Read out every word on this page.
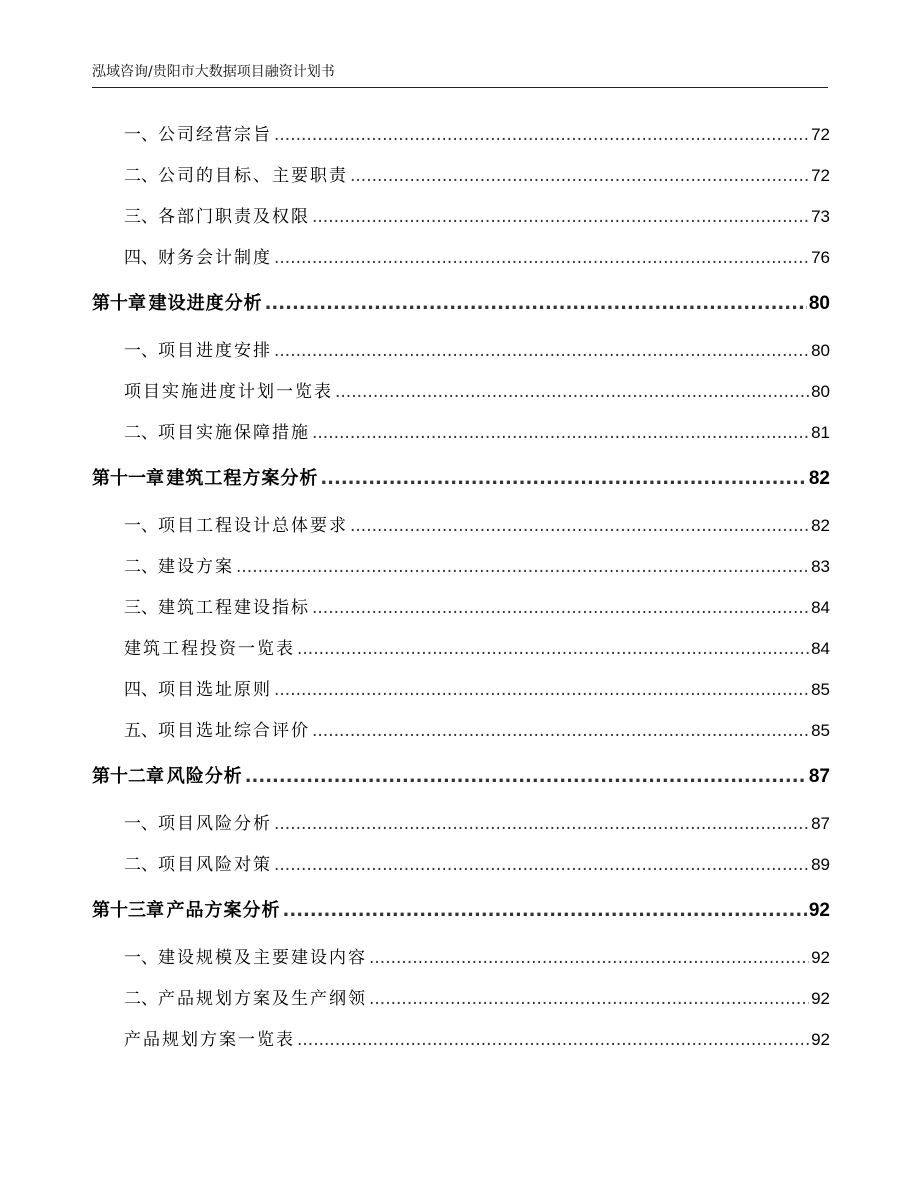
泓域咨询/贵阳市大数据项目融资计划书
一、 公司经营宗旨 .....	72
二、 公司的目标、主要职责 .....	72
三、 各部门职责及权限 .....	73
四、 财务会计制度 .....	76
第十章 建设进度分析 .....	80
一、 项目进度安排 .....	80
项目实施进度计划一览表 .....	80
二、 项目实施保障措施 .....	81
第十一章 建筑工程方案分析 .....	82
一、 项目工程设计总体要求 .....	82
二、 建设方案 .....	83
三、 建筑工程建设指标 .....	84
建筑工程投资一览表 .....	84
四、 项目选址原则 .....	85
五、 项目选址综合评价 .....	85
第十二章 风险分析 .....	87
一、 项目风险分析 .....	87
二、 项目风险对策 .....	89
第十三章 产品方案分析 .....	92
一、 建设规模及主要建设内容 .....	92
二、 产品规划方案及生产纲领 .....	92
产品规划方案一览表 .....	92
